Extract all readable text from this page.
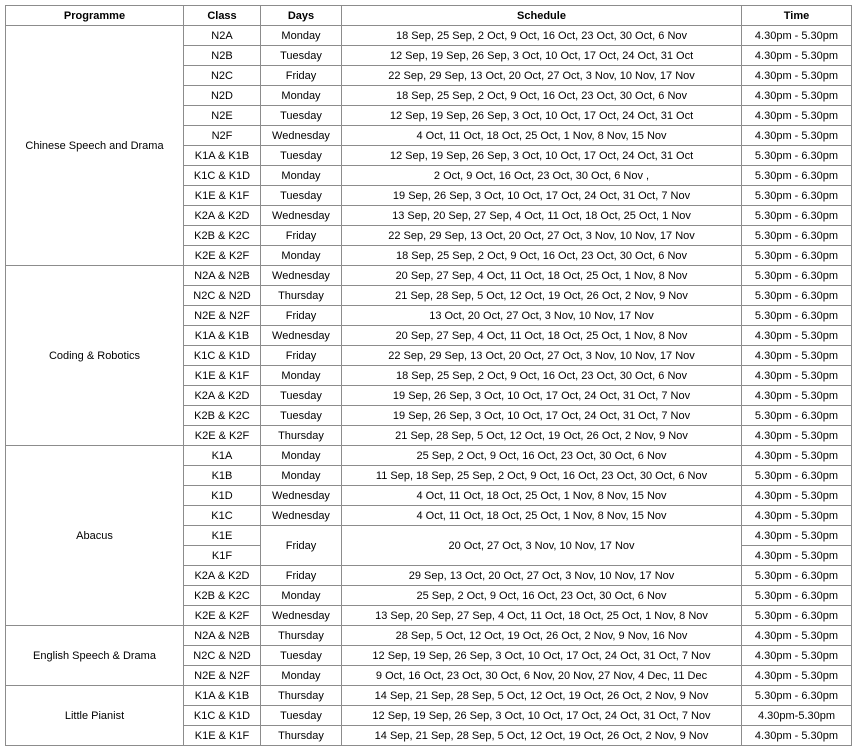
Programme	Class	Days	Schedule	Time
Chinese Speech and Drama	N2A	Monday	18 Sep, 25 Sep, 2 Oct, 9 Oct, 16 Oct, 23 Oct, 30 Oct, 6 Nov	4.30pm - 5.30pm
	N2B	Tuesday	12 Sep, 19 Sep, 26 Sep, 3 Oct, 10 Oct, 17 Oct, 24 Oct, 31 Oct	4.30pm - 5.30pm
	N2C	Friday	22 Sep, 29 Sep, 13 Oct, 20 Oct, 27 Oct, 3 Nov, 10 Nov, 17 Nov	4.30pm - 5.30pm
	N2D	Monday	18 Sep, 25 Sep, 2 Oct, 9 Oct, 16 Oct, 23 Oct, 30 Oct, 6 Nov	4.30pm - 5.30pm
	N2E	Tuesday	12 Sep, 19 Sep, 26 Sep, 3 Oct, 10 Oct, 17 Oct, 24 Oct, 31 Oct	4.30pm - 5.30pm
	N2F	Wednesday	4 Oct, 11 Oct, 18 Oct, 25 Oct, 1 Nov, 8 Nov, 15 Nov	4.30pm - 5.30pm
	K1A & K1B	Tuesday	12 Sep, 19 Sep, 26 Sep, 3 Oct, 10 Oct, 17 Oct, 24 Oct, 31 Oct	5.30pm - 6.30pm
	K1C & K1D	Monday	2 Oct, 9 Oct, 16 Oct, 23 Oct, 30 Oct, 6 Nov ,	5.30pm - 6.30pm
	K1E & K1F	Tuesday	19 Sep, 26 Sep, 3 Oct, 10 Oct, 17 Oct, 24 Oct, 31 Oct, 7 Nov	5.30pm - 6.30pm
	K2A & K2D	Wednesday	13 Sep, 20 Sep, 27 Sep, 4 Oct, 11 Oct, 18 Oct, 25 Oct, 1 Nov	5.30pm - 6.30pm
	K2B & K2C	Friday	22 Sep, 29 Sep, 13 Oct, 20 Oct, 27 Oct, 3 Nov, 10 Nov, 17 Nov	5.30pm - 6.30pm
	K2E & K2F	Monday	18 Sep, 25 Sep, 2 Oct, 9 Oct, 16 Oct, 23 Oct, 30 Oct, 6 Nov	5.30pm - 6.30pm
Coding & Robotics	N2A & N2B	Wednesday	20 Sep, 27 Sep, 4 Oct, 11 Oct, 18 Oct, 25 Oct, 1 Nov, 8 Nov	5.30pm - 6.30pm
	N2C & N2D	Thursday	21 Sep, 28 Sep, 5 Oct, 12 Oct, 19 Oct, 26 Oct, 2 Nov, 9 Nov	5.30pm - 6.30pm
	N2E & N2F	Friday	13 Oct, 20 Oct, 27 Oct, 3 Nov, 10 Nov, 17 Nov	5.30pm - 6.30pm
	K1A & K1B	Wednesday	20 Sep, 27 Sep, 4 Oct, 11 Oct, 18 Oct, 25 Oct, 1 Nov, 8 Nov	4.30pm - 5.30pm
	K1C & K1D	Friday	22 Sep, 29 Sep, 13 Oct, 20 Oct, 27 Oct, 3 Nov, 10 Nov, 17 Nov	4.30pm - 5.30pm
	K1E & K1F	Monday	18 Sep, 25 Sep, 2 Oct, 9 Oct, 16 Oct, 23 Oct, 30 Oct, 6 Nov	4.30pm - 5.30pm
	K2A & K2D	Tuesday	19 Sep, 26 Sep, 3 Oct, 10 Oct, 17 Oct, 24 Oct, 31 Oct, 7 Nov	4.30pm - 5.30pm
	K2B & K2C	Tuesday	19 Sep, 26 Sep, 3 Oct, 10 Oct, 17 Oct, 24 Oct, 31 Oct, 7 Nov	5.30pm - 6.30pm
	K2E & K2F	Thursday	21 Sep, 28 Sep, 5 Oct, 12 Oct, 19 Oct, 26 Oct, 2 Nov, 9 Nov	4.30pm - 5.30pm
Abacus	K1A	Monday	25 Sep, 2 Oct, 9 Oct, 16 Oct, 23 Oct, 30 Oct, 6 Nov	4.30pm - 5.30pm
	K1B	Monday	11 Sep, 18 Sep, 25 Sep, 2 Oct, 9 Oct, 16 Oct, 23 Oct, 30 Oct, 6 Nov	5.30pm - 6.30pm
	K1D	Wednesday	4 Oct, 11 Oct, 18 Oct, 25 Oct, 1 Nov, 8 Nov, 15 Nov	4.30pm - 5.30pm
	K1C	Wednesday	4 Oct, 11 Oct, 18 Oct, 25 Oct, 1 Nov, 8 Nov, 15 Nov	4.30pm - 5.30pm
	K1E	Friday	20 Oct, 27 Oct, 3 Nov, 10 Nov, 17 Nov	4.30pm - 5.30pm
	K1F			4.30pm - 5.30pm
	K2A & K2D	Friday	29 Sep, 13 Oct, 20 Oct, 27 Oct, 3 Nov, 10 Nov, 17 Nov	5.30pm - 6.30pm
	K2B & K2C	Monday	25 Sep, 2 Oct, 9 Oct, 16 Oct, 23 Oct, 30 Oct, 6 Nov	5.30pm - 6.30pm
	K2E & K2F	Wednesday	13 Sep, 20 Sep, 27 Sep, 4 Oct, 11 Oct, 18 Oct, 25 Oct, 1 Nov, 8 Nov	5.30pm - 6.30pm
English Speech & Drama	N2A & N2B	Thursday	28 Sep, 5 Oct, 12 Oct, 19 Oct, 26 Oct, 2 Nov, 9 Nov, 16 Nov	4.30pm - 5.30pm
	N2C & N2D	Tuesday	12 Sep, 19 Sep, 26 Sep, 3 Oct, 10 Oct, 17 Oct, 24 Oct, 31 Oct, 7 Nov	4.30pm - 5.30pm
	N2E & N2F	Monday	9 Oct, 16 Oct, 23 Oct, 30 Oct, 6 Nov, 20 Nov, 27 Nov, 4 Dec, 11 Dec	4.30pm - 5.30pm
Little Pianist	K1A & K1B	Thursday	14 Sep, 21 Sep, 28 Sep, 5 Oct, 12 Oct, 19 Oct, 26 Oct, 2 Nov, 9 Nov	5.30pm - 6.30pm
	K1C & K1D	Tuesday	12 Sep, 19 Sep, 26 Sep, 3 Oct, 10 Oct, 17 Oct, 24 Oct, 31 Oct, 7 Nov	4.30pm-5.30pm
	K1E & K1F	Thursday	14 Sep, 21 Sep, 28 Sep, 5 Oct, 12 Oct, 19 Oct, 26 Oct, 2 Nov, 9 Nov	4.30pm - 5.30pm
